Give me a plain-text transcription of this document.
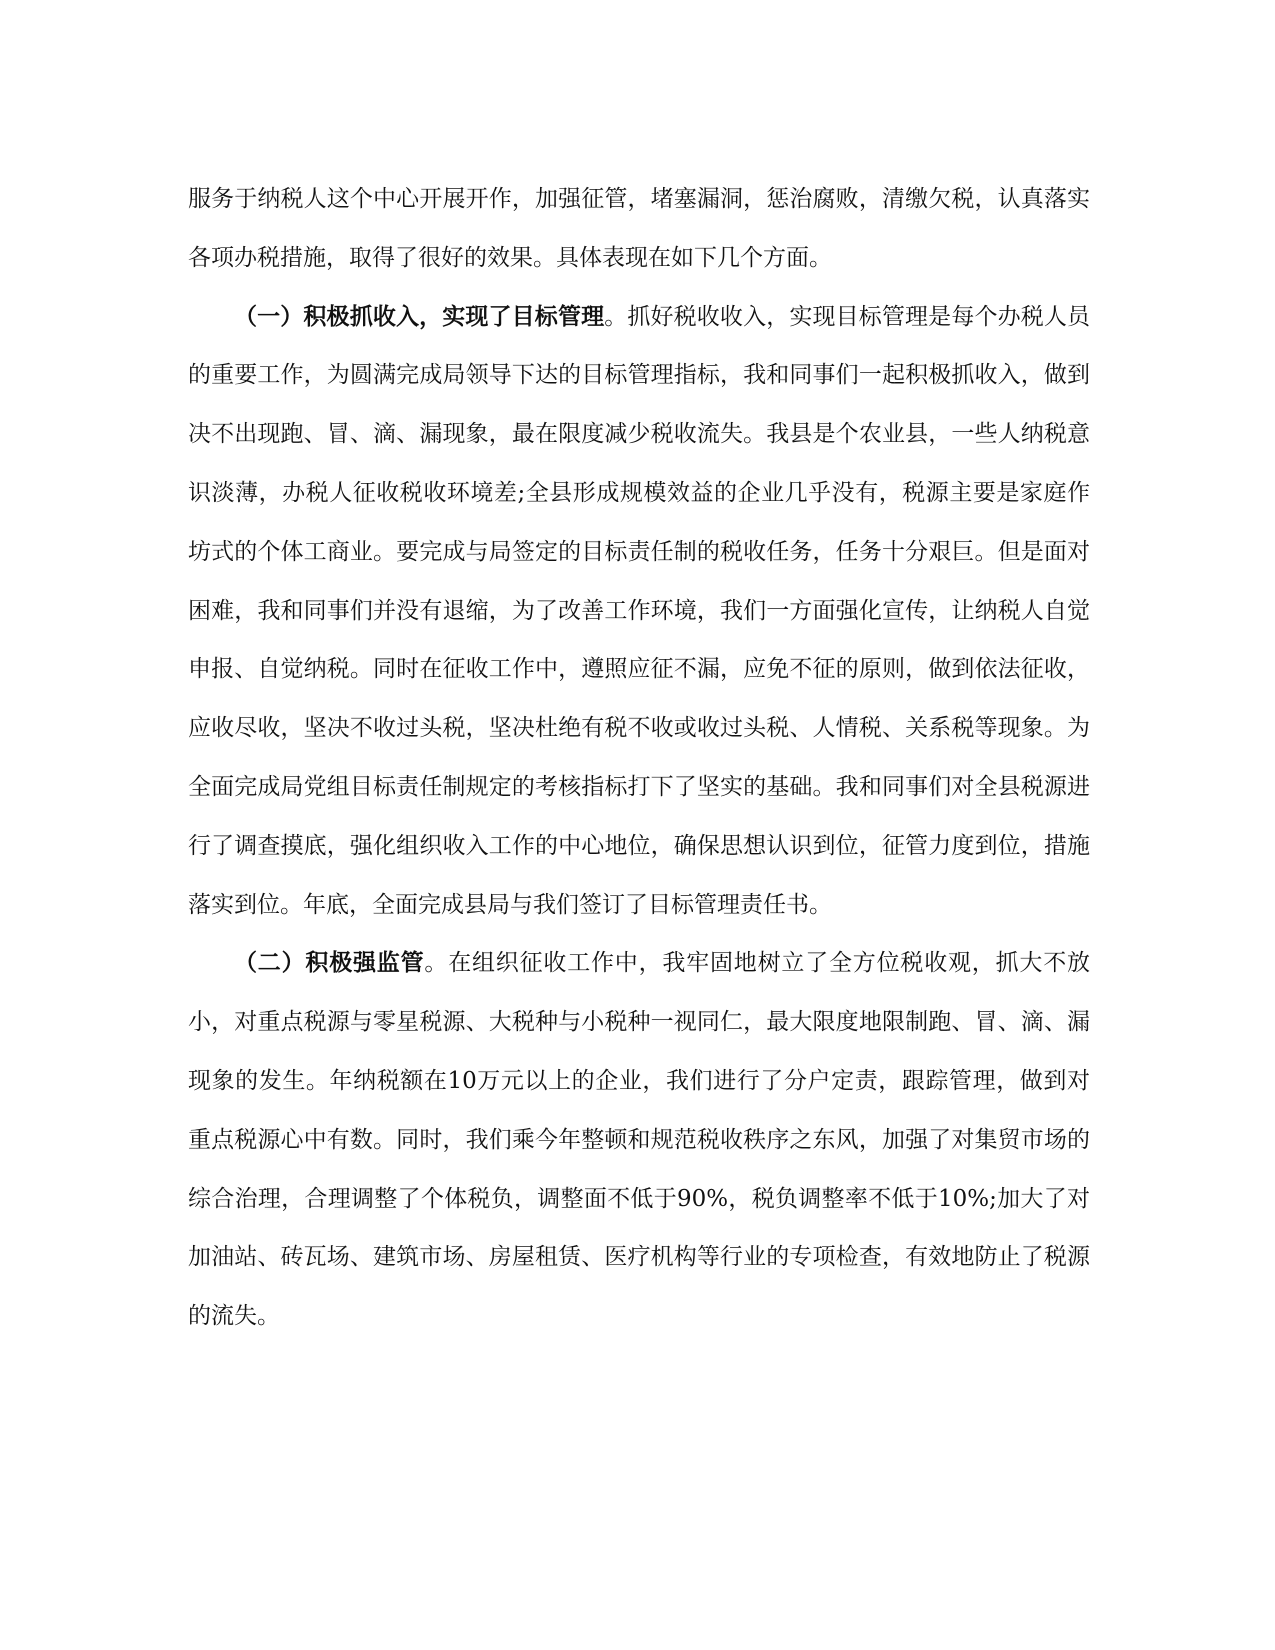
服务于纳税人这个中心开展开作，加强征管，堵塞漏洞，惩治腐败，清缴欠税，认真落实各项办税措施，取得了很好的效果。具体表现在如下几个方面。

（一）积极抓收入，实现了目标管理。抓好税收收入，实现目标管理是每个办税人员的重要工作，为圆满完成局领导下达的目标管理指标，我和同事们一起积极抓收入，做到决不出现跑、冒、滴、漏现象，最在限度减少税收流失。我县是个农业县，一些人纳税意识淡薄，办税人征收税收环境差;全县形成规模效益的企业几乎没有，税源主要是家庭作坊式的个体工商业。要完成与局签定的目标责任制的税收任务，任务十分艰巨。但是面对困难，我和同事们并没有退缩，为了改善工作环境，我们一方面强化宣传，让纳税人自觉申报、自觉纳税。同时在征收工作中，遵照应征不漏，应免不征的原则，做到依法征收，应收尽收，坚决不收过头税，坚决杜绝有税不收或收过头税、人情税、关系税等现象。为全面完成局党组目标责任制规定的考核指标打下了坚实的基础。我和同事们对全县税源进行了调查摸底，强化组织收入工作的中心地位，确保思想认识到位，征管力度到位，措施落实到位。年底，全面完成县局与我们签订了目标管理责任书。

（二）积极强监管。在组织征收工作中，我牢固地树立了全方位税收观，抓大不放小，对重点税源与零星税源、大税种与小税种一视同仁，最大限度地限制跑、冒、滴、漏现象的发生。年纳税额在10万元以上的企业，我们进行了分户定责，跟踪管理，做到对重点税源心中有数。同时，我们乘今年整顿和规范税收秩序之东风，加强了对集贸市场的综合治理，合理调整了个体税负，调整面不低于90%，税负调整率不低于10%;加大了对加油站、砖瓦场、建筑市场、房屋租赁、医疗机构等行业的专项检查，有效地防止了税源的流失。
